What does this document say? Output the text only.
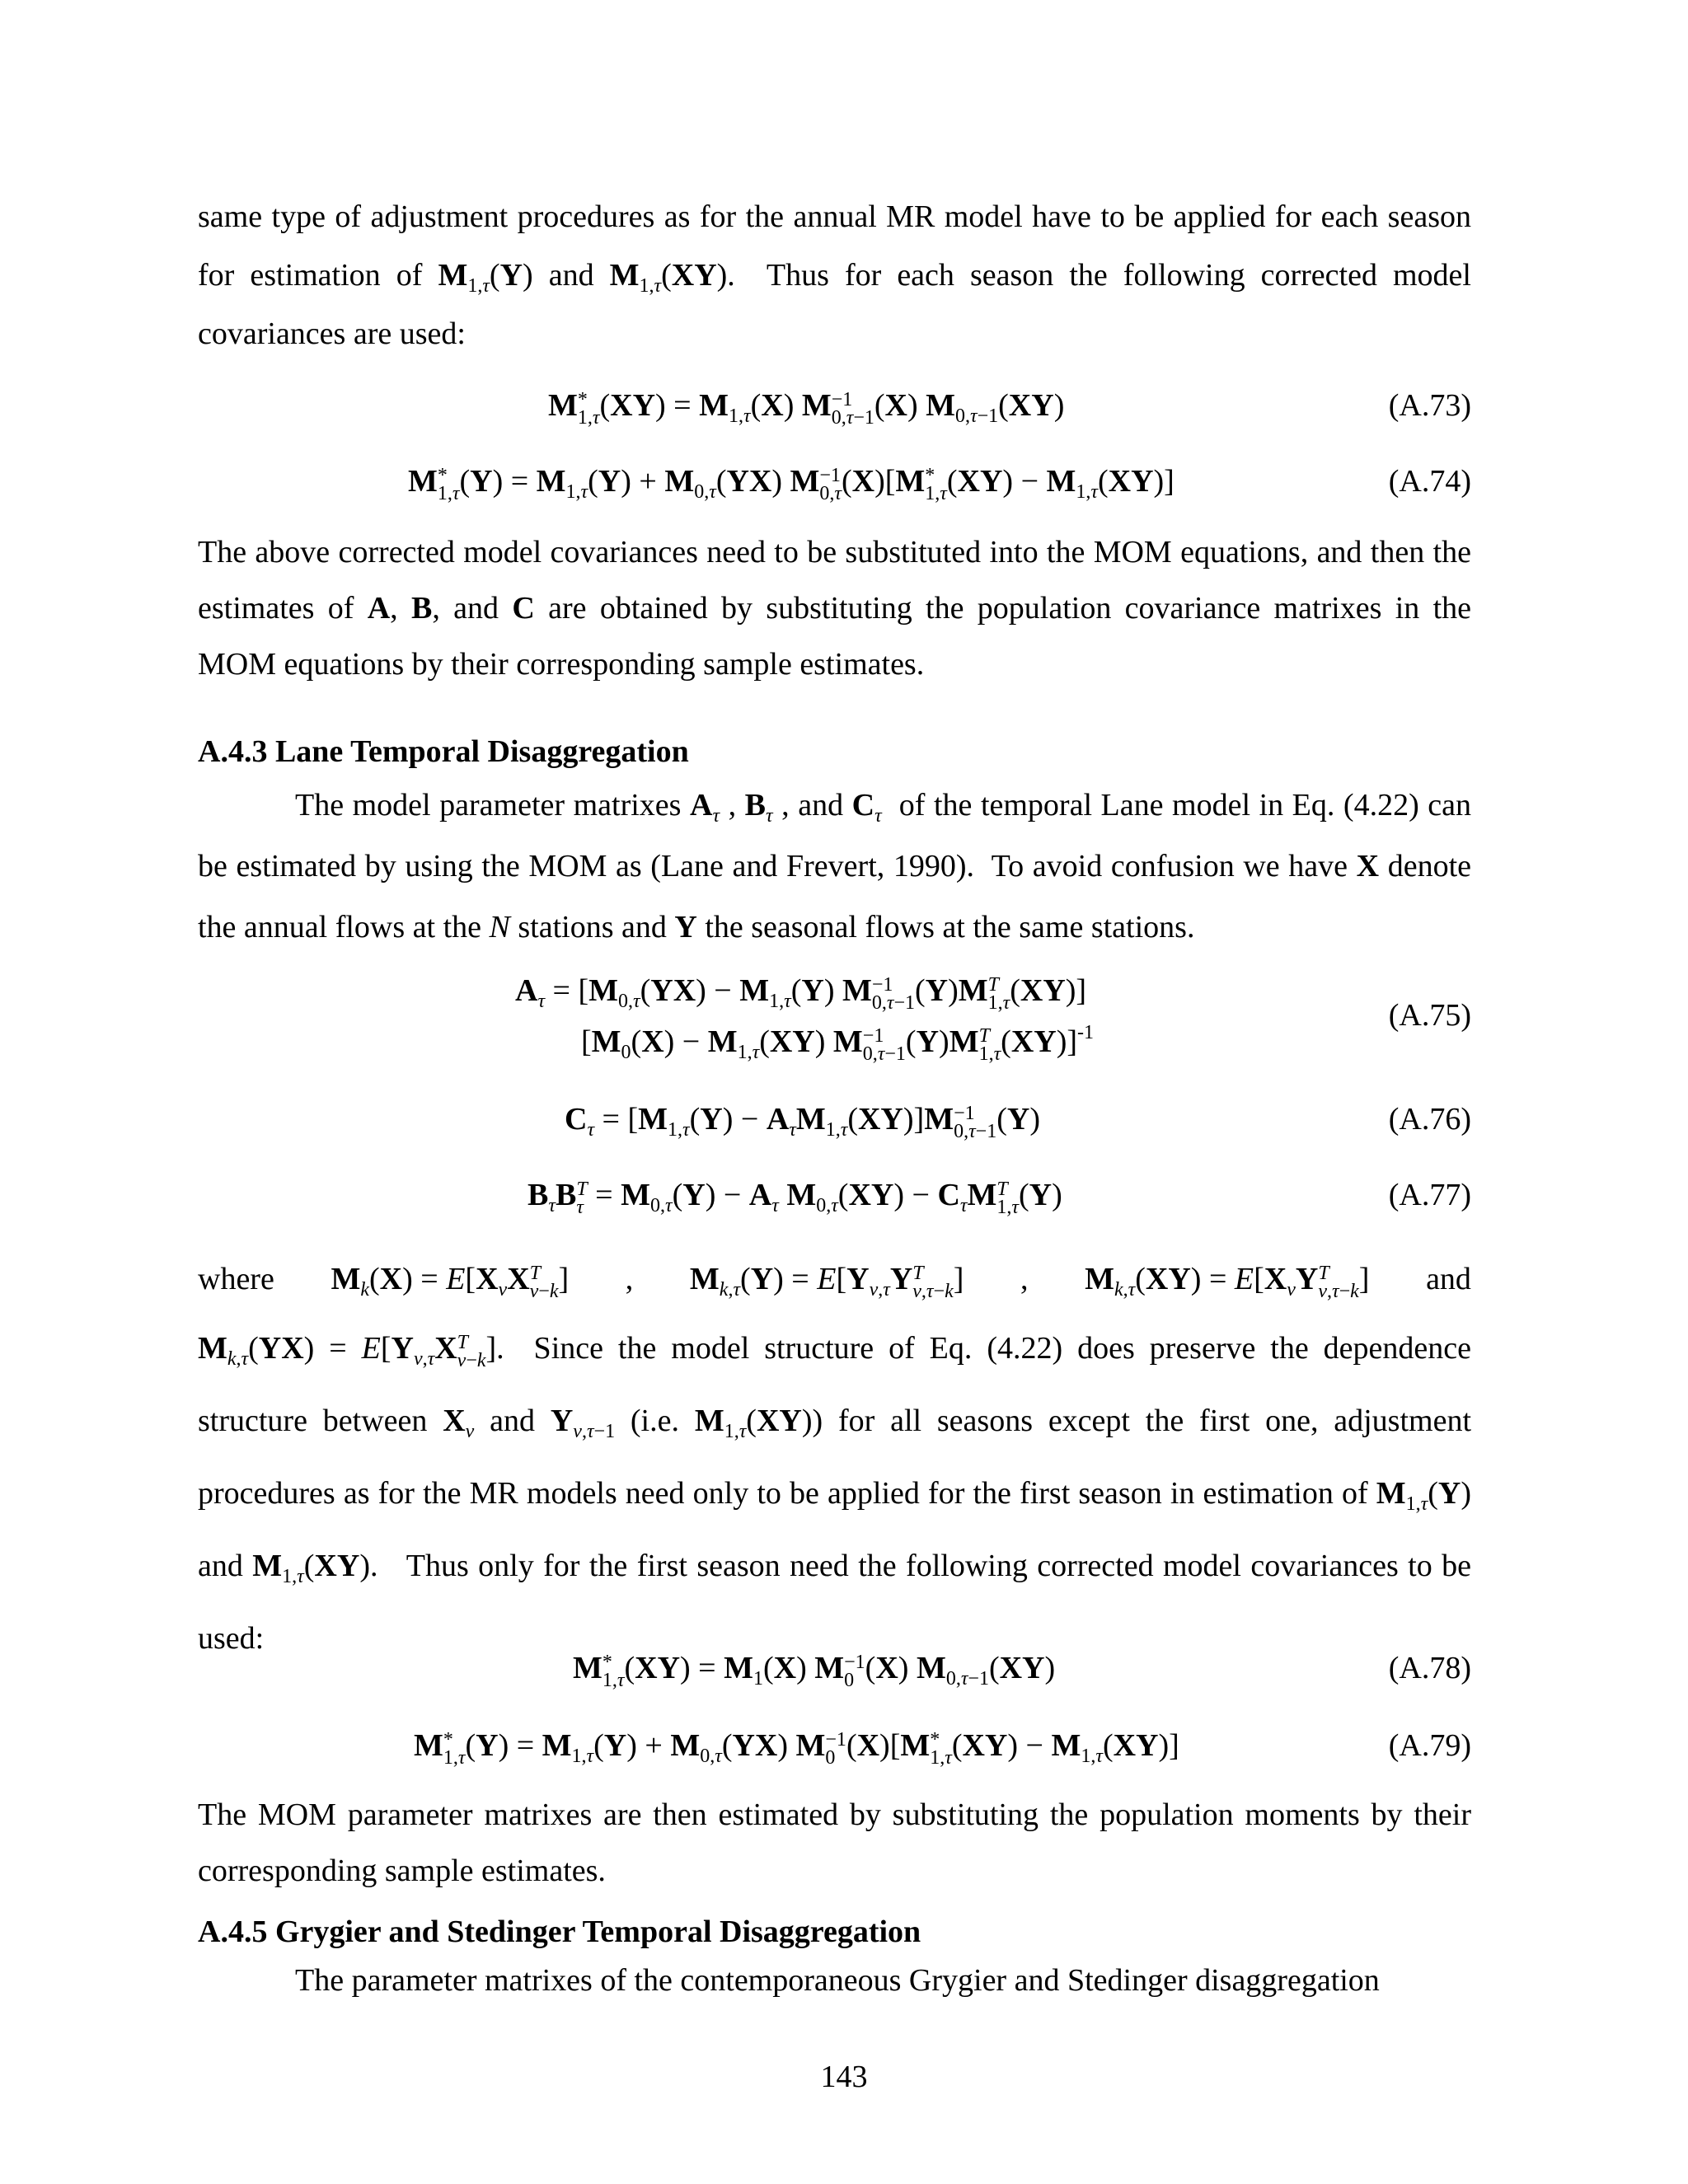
same type of adjustment procedures as for the annual MR model have to be applied for each season for estimation of $M_{1,\tau}(Y)$ and $M_{1,\tau}(XY)$.  Thus for each season the following corrected model covariances are used:

M *
1,τ $(XY) = M_{1,\tau}(X)$ M −1
0,τ−1 (X) $M_{0,\tau-1}(XY)$	(A.73)
M *
1,τ $(Y) = M_{1,\tau}(Y) + M_{0,\tau}(YX)$ M −1
0,τ (X)[M *
1,τ $(XY) - M_{1,\tau}(XY)$]	(A.74)

The above corrected model covariances need to be substituted into the MOM equations, and then the estimates of A, B, and C are obtained by substituting the population covariance matrixes in the MOM equations by their corresponding sample estimates.

A.4.3 Lane Temporal Disaggregation

The model parameter matrixes $A_\tau$ , $B_\tau$ , and $C_\tau$  of the temporal Lane model in Eq. (4.22) can be estimated by using the MOM as (Lane and Frevert, 1990).  To avoid confusion we have X denote the annual flows at the N stations and Y the seasonal flows at the same stations.

$A_\tau = [M_{0,\tau}(YX) - M_{1,\tau}(Y)$ M −1
0,τ−1 (Y)M T
1,τ (XY)]
[$M_0(X) - M_{1,\tau}(XY)$ M −1
0,τ−1 (Y)M T
1,τ (XY)]$^{-1}$	(A.75)
$C_\tau = [M_{1,\tau}(Y) - A_\tau M_{1,\tau}(XY)]M -1$
0,τ−1 (Y)	(A.76)
$B_\tau B$ T
$\tau = M_{0,\tau}(Y) - A_\tau$ $M_{0,\tau}(XY) - C_\tau M$ T
1,τ (Y)	(A.77)

where $M_k(X) = E[X_\nu X$ T
ν−k ] , $M_{k,\tau}(Y) = E[Y_{\nu,\tau}Y$ T
ν,τ−k ] , $M_{k,\tau}(XY) = E[X_\nu Y$ T
ν,τ−k ] and
$M_{k,\tau}(YX) = E[Y_{\nu,\tau}X$ T
ν−k ].  Since the model structure of Eq. (4.22) does preserve the dependence structure between $X_\nu$ and $Y_{\nu,\tau-1}$ (i.e. $M_{1,\tau}(XY)$) for all seasons except the first one, adjustment procedures as for the MR models need only to be applied for the first season in estimation of $M_{1,\tau}(Y)$ and $M_{1,\tau}(XY)$.   Thus only for the first season need the following corrected model covariances to be used:

M *
1,τ $(XY) = M_1(X)$ M −1
0 (X) $M_{0,\tau-1}(XY)$	(A.78)
M *
1,τ $(Y) = M_{1,\tau}(Y) + M_{0,\tau}(YX)$ M −1
0 (X)[M *
1,τ $(XY) - M_{1,\tau}(XY)$]	(A.79)

The MOM parameter matrixes are then estimated by substituting the population moments by their corresponding sample estimates.

A.4.5 Grygier and Stedinger Temporal Disaggregation

The parameter matrixes of the contemporaneous Grygier and Stedinger disaggregation

143
